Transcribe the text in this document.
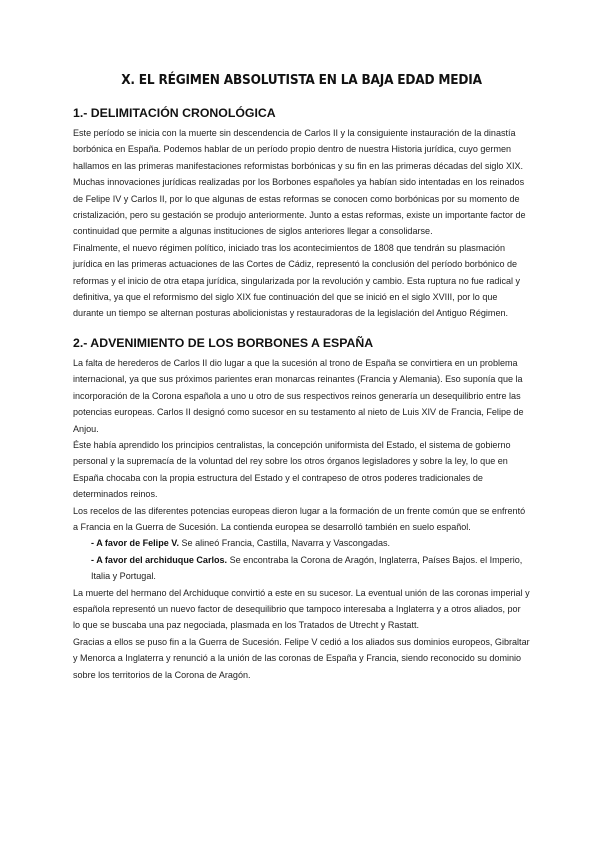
X. EL RÉGIMEN ABSOLUTISTA EN LA BAJA EDAD MEDIA
1.- DELIMITACIÓN CRONOLÓGICA

Este período se inicia con la muerte sin descendencia de Carlos II y la consiguiente instauración de la dinastía borbónica en España. Podemos hablar de un período propio dentro de nuestra Historia jurídica, cuyo germen hallamos en las primeras manifestaciones reformistas borbónicas y su fin en las primeras décadas del siglo XIX.

Muchas innovaciones jurídicas realizadas por los Borbones españoles ya habían sido intentadas en los reinados de Felipe IV y Carlos II, por lo que algunas de estas reformas se conocen como borbónicas por su momento de cristalización, pero su gestación se produjo anteriormente. Junto a estas reformas, existe un importante factor de continuidad que permite a algunas instituciones de siglos anteriores llegar a consolidarse.

Finalmente, el nuevo régimen político, iniciado tras los acontecimientos de 1808 que tendrán su plasmación jurídica en las primeras actuaciones de las Cortes de Cádiz, representó la conclusión del período borbónico de reformas y el inicio de otra etapa jurídica, singularizada por la revolución y cambio. Esta ruptura no fue radical y definitiva, ya que el reformismo del siglo XIX fue continuación del que se inició en el siglo XVIII, por lo que durante un tiempo se alternan posturas abolicionistas y restauradoras de la legislación del Antiguo Régimen.

2.- ADVENIMIENTO DE LOS BORBONES A ESPAÑA

La falta de herederos de Carlos II dio lugar a que la sucesión al trono de España se convirtiera en un problema internacional, ya que sus próximos parientes eran monarcas reinantes (Francia y Alemania). Eso suponía que la incorporación de la Corona española a uno u otro de sus respectivos reinos generaría un desequilibrio entre las potencias europeas. Carlos II designó como sucesor en su testamento al nieto de Luis XIV de Francia, Felipe de Anjou.

Éste había aprendido los principios centralistas, la concepción uniformista del Estado, el sistema de gobierno personal y la supremacía de la voluntad del rey sobre los otros órganos legisladores y sobre la ley, lo que en España chocaba con la propia estructura del Estado y el contrapeso de otros poderes tradicionales de determinados reinos.

Los recelos de las diferentes potencias europeas dieron lugar a la formación de un frente común que se enfrentó a Francia en la Guerra de Sucesión. La contienda europea se desarrolló también en suelo español.

- A favor de Felipe V. Se alineó Francia, Castilla, Navarra y Vascongadas.

- A favor del archiduque Carlos. Se encontraba la Corona de Aragón, Inglaterra, Países Bajos. el Imperio, Italia y Portugal.

La muerte del hermano del Archiduque convirtió a este en su sucesor. La eventual unión de las coronas imperial y española representó un nuevo factor de desequilibrio que tampoco interesaba a Inglaterra y a otros aliados, por lo que se buscaba una paz negociada, plasmada en los Tratados de Utrecht y Rastatt.

Gracias a ellos se puso fin a la Guerra de Sucesión. Felipe V cedió a los aliados sus dominios europeos, Gibraltar y Menorca a Inglaterra y renunció a la unión de las coronas de España y Francia, siendo reconocido su dominio sobre los territorios de la Corona de Aragón.
